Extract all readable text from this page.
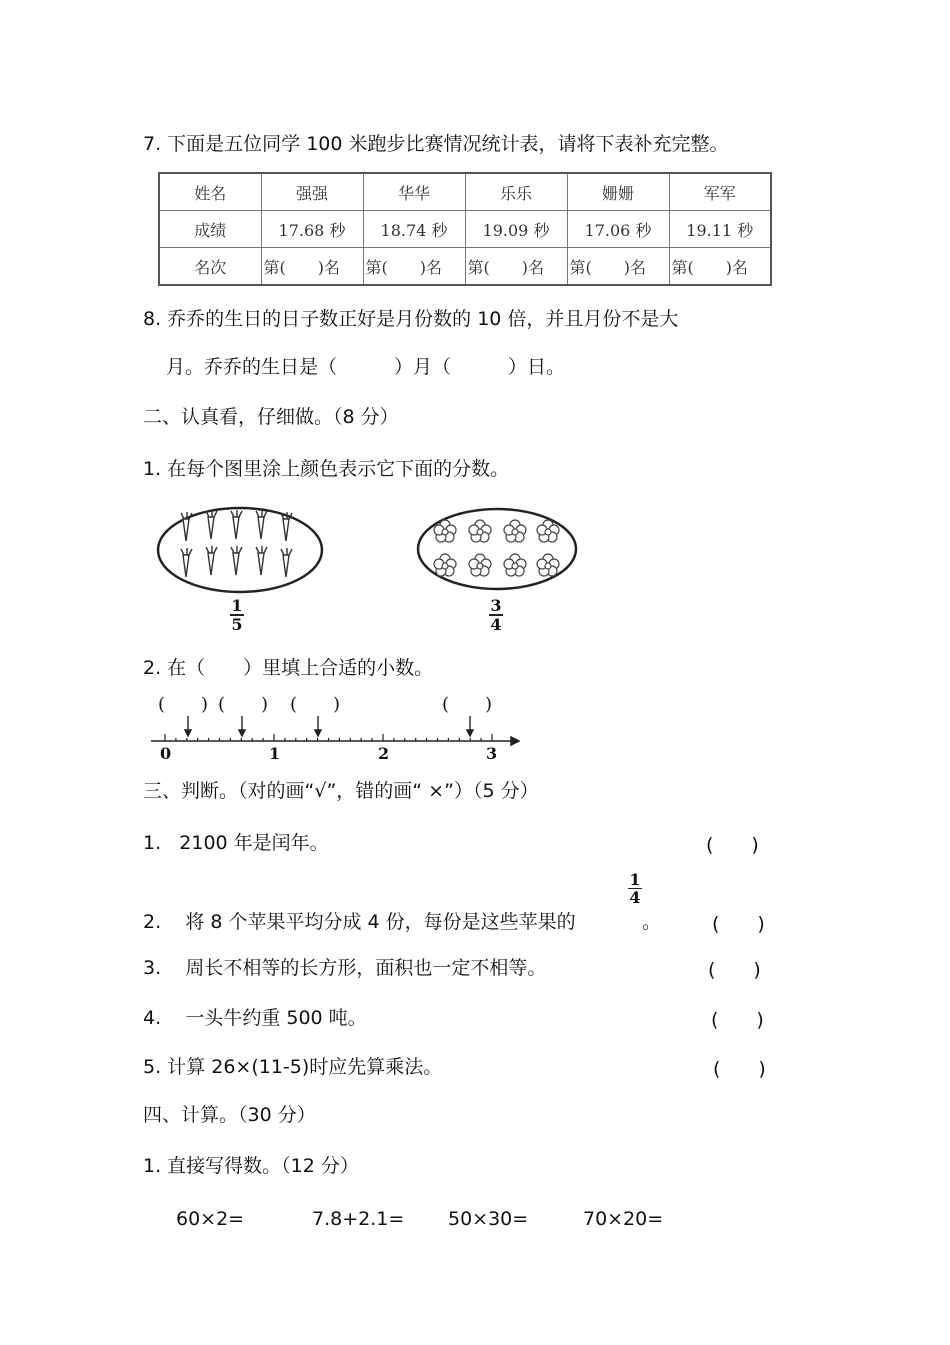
7. 下面是五位同学 100 米跑步比赛情况统计表，请将下表补充完整。
姓名	强强	华华	乐乐	姗姗	军军
成绩	17.68 秒	18.74 秒	19.09 秒	17.06 秒	19.11 秒
名次	第(　　)名	第(　　)名	第(　　)名	第(　　)名	第(　　)名
8. 乔乔的生日的日子数正好是月份数的 10 倍，并且月份不是大
月。乔乔的生日是（　　　）月（　　　）日。
二、认真看，仔细做。（8 分）
1. 在每个图里涂上颜色表示它下面的分数。
1
5
3
4
2. 在（　　）里填上合适的小数。
(　　) (　　) (　　)	(　　)
0	1	2	3
三、判断。（对的画“√”，错的画“ ×”）（5 分）
1. 2100 年是闰年。	(　　)
2. 将 8 个苹果平均分成 4 份，每份是这些苹果的
1
4
。	(　　)
3. 周长不相等的长方形，面积也一定不相等。	(　　)
4. 一头牛约重 500 吨。	(　　)
5. 计算 26×(11-5)时应先算乘法。	(　　)
四、计算。（30 分）
1. 直接写得数。（12 分）
60×2=	7.8+2.1= 50×30=	70×20=
